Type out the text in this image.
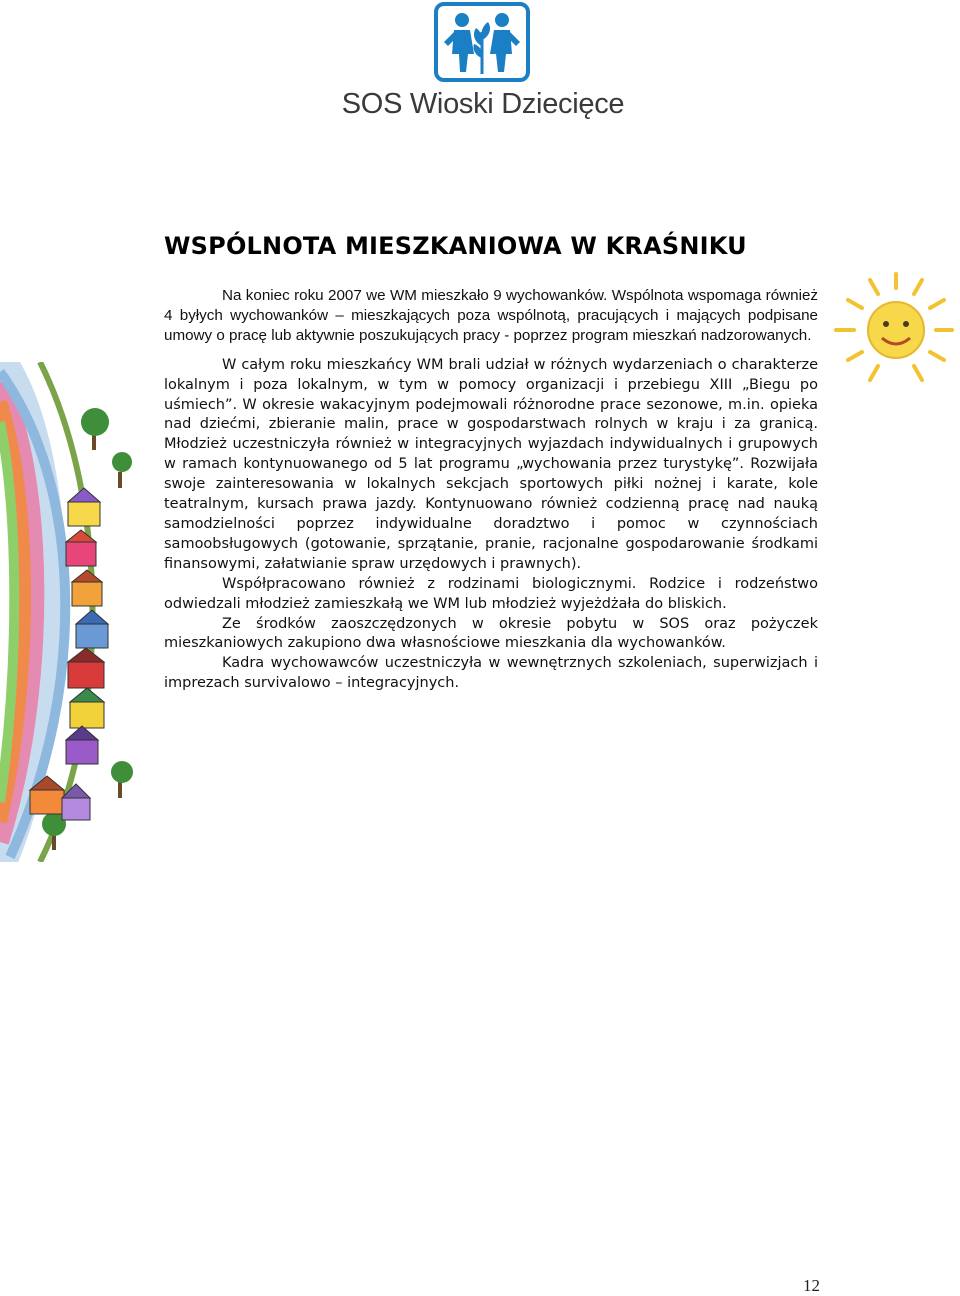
SOS Wioski Dziecięce
WSPÓLNOTA MIESZKANIOWA W KRAŚNIKU

Na koniec roku 2007 we WM mieszkało 9 wychowanków. Wspólnota wspomaga również 4 byłych wychowanków – mieszkających poza wspólnotą, pracujących i mających podpisane umowy o pracę lub aktywnie poszukujących pracy - poprzez program mieszkań nadzorowanych.

W całym roku mieszkańcy WM brali udział w różnych wydarzeniach o charakterze lokalnym i poza lokalnym, w tym w pomocy organizacji i przebiegu XIII „Biegu po uśmiech”. W okresie wakacyjnym podejmowali różnorodne prace sezonowe, m.in. opieka nad dziećmi, zbieranie malin, prace w gospodarstwach rolnych w kraju i za granicą. Młodzież uczestniczyła również w integracyjnych wyjazdach indywidualnych i grupowych w ramach kontynuowanego od 5 lat programu „wychowania przez turystykę”. Rozwijała swoje zainteresowania w lokalnych sekcjach sportowych piłki nożnej i karate, kole teatralnym, kursach prawa jazdy. Kontynuowano również codzienną pracę nad nauką samodzielności poprzez indywidualne doradztwo i pomoc w czynnościach samoobsługowych (gotowanie, sprzątanie, pranie, racjonalne gospodarowanie środkami finansowymi, załatwianie spraw urzędowych i prawnych).

Współpracowano również z rodzinami biologicznymi. Rodzice i rodzeństwo odwiedzali młodzież zamieszkałą we WM lub młodzież wyjeżdżała do bliskich.

Ze środków zaoszczędzonych w okresie pobytu w SOS oraz pożyczek mieszkaniowych zakupiono dwa własnościowe mieszkania dla wychowanków.

Kadra wychowawców uczestniczyła w wewnętrznych szkoleniach, superwizjach i imprezach survivalowo – integracyjnych.

12
